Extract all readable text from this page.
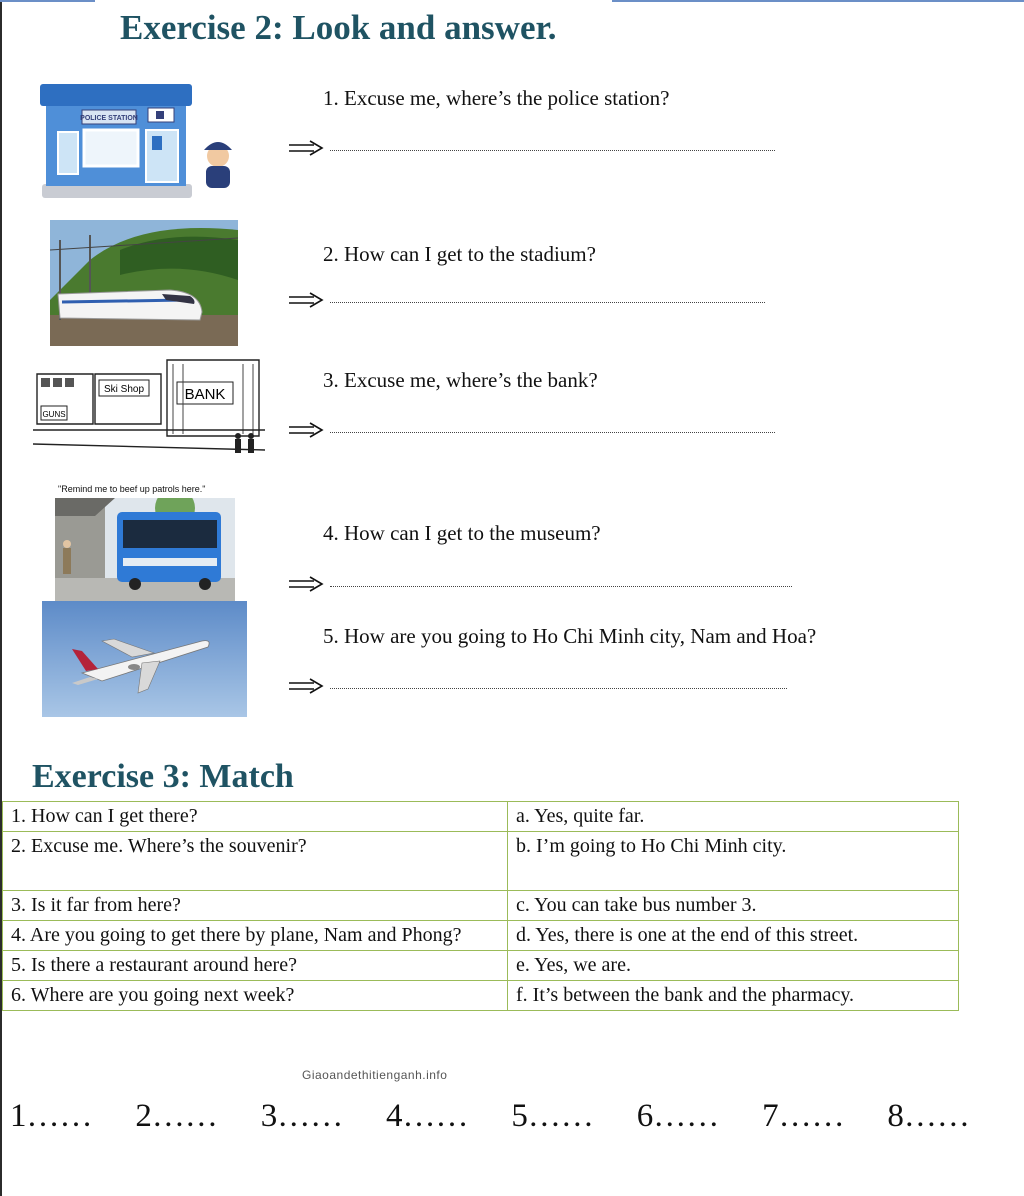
Exercise 2: Look and answer.
POLICE STATION
1. Excuse me, where’s the police station?
2. How can I get to the stadium?
Ski Shop	BANK
GUNS
"Remind me to beef up patrols here."
3. Excuse me, where’s the bank?
4. How can I get to the museum?
5. How are you going to Ho Chi Minh city, Nam and Hoa?
Exercise 3: Match
1. How can I get there?	a. Yes, quite far.
2. Excuse me. Where’s the souvenir?	b. I’m going to Ho Chi Minh city.
3. Is it far from here?	c. You can take bus number 3.
4. Are you going to get there by plane, Nam and Phong?	d. Yes, there is one at the end of this street.
5. Is there a restaurant around here?	e. Yes, we are.
6. Where are you going next week?	f. It’s between the bank and the pharmacy.
Giaoandethitienganh.info
1…… 2…… 3…… 4…… 5…… 6…… 7…… 8……
